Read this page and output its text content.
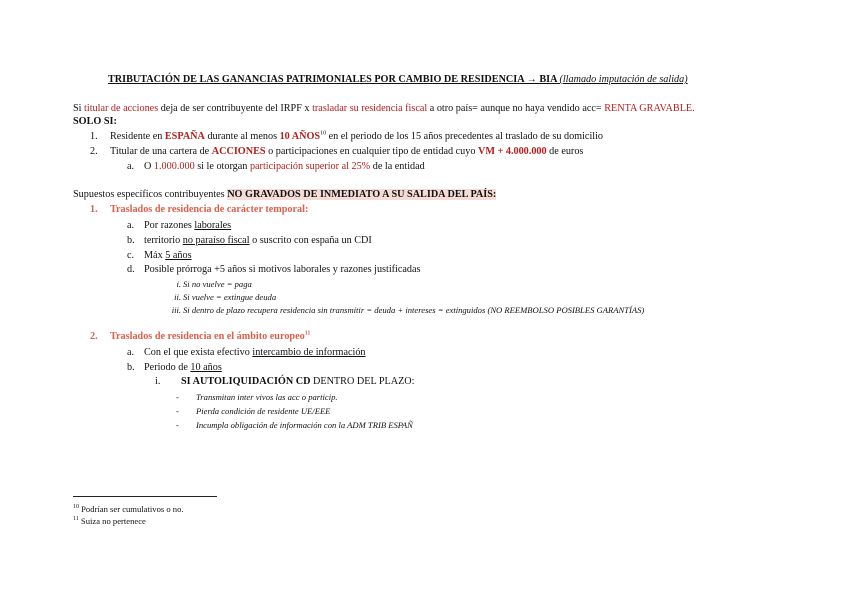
TRIBUTACIÓN DE LAS GANANCIAS PATRIMONIALES POR CAMBIO DE RESIDENCIA → BIA (llamado imputación de salida)
Si titular de acciones deja de ser contribuyente del IRPF x trasladar su residencia fiscal a otro país= aunque no haya vendido acc= RENTA GRAVABLE.
SOLO SI:
1. Residente en ESPAÑA durante al menos 10 AÑOS$^{10}$ en el periodo de los 15 años precedentes al traslado de su domicilio
2. Titular de una cartera de ACCIONES o participaciones en cualquier tipo de entidad cuyo VM + 4.000.000 de euros
a. O 1.000.000 si le otorgan participación superior al 25% de la entidad
Supuestos específicos contribuyentes NO GRAVADOS DE INMEDIATO A SU SALIDA DEL PAÍS:
1. Traslados de residencia de carácter temporal:
a. Por razones laborales
b. territorio no paraíso fiscal o suscrito con españa un CDI
c. Máx 5 años
d. Posible prórroga +5 años si motivos laborales y razones justificadas
i. Si no vuelve = paga
ii. Si vuelve = extingue deuda
iii. Si dentro de plazo recupera residencia sin transmitir = deuda + intereses = extinguidos (NO REEMBOLSO POSIBLES GARANTÍAS)
2. Traslados de residencia en el ámbito europeo$^{11}$
a. Con el que exista efectivo intercambio de información
b. Periodo de 10 años
i. SI AUTOLIQUIDACIÓN CD DENTRO DEL PLAZO:
- Transmitan inter vivos las acc o particip.
- Pierda condición de residente UE/EEE
- Incumpla obligación de información con la ADM TRIB ESPAÑ
$^{10}$ Podrían ser cumulativos o no.
$^{11}$ Suiza no pertenece
